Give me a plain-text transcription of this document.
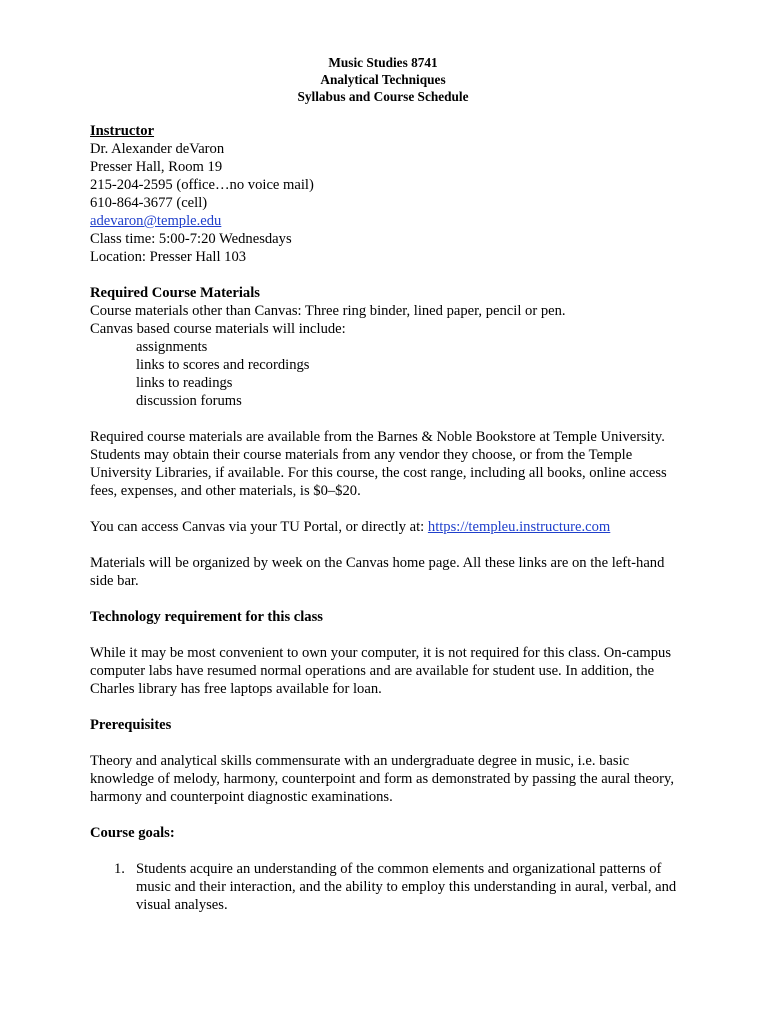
Music Studies 8741
Analytical Techniques
Syllabus and Course Schedule
Instructor
Dr. Alexander deVaron
Presser Hall, Room 19
215-204-2595 (office…no voice mail)
610-864-3677 (cell)
adevaron@temple.edu
Class time: 5:00-7:20 Wednesdays
Location: Presser Hall 103
Required Course Materials
Course materials other than Canvas: Three ring binder, lined paper, pencil or pen.
Canvas based course materials will include:
assignments
links to scores and recordings
links to readings
discussion forums

Required course materials are available from the Barnes & Noble Bookstore at Temple University. Students may obtain their course materials from any vendor they choose, or from the Temple University Libraries, if available. For this course, the cost range, including all books, online access fees, expenses, and other materials, is $0–$20.

You can access Canvas via your TU Portal, or directly at: https://templeu.instructure.com

Materials will be organized by week on the Canvas home page. All these links are on the left-hand side bar.

Technology requirement for this class

While it may be most convenient to own your computer, it is not required for this class. On-campus computer labs have resumed normal operations and are available for student use. In addition, the Charles library has free laptops available for loan.

Prerequisites

Theory and analytical skills commensurate with an undergraduate degree in music, i.e. basic knowledge of melody, harmony, counterpoint and form as demonstrated by passing the aural theory, harmony and counterpoint diagnostic examinations.

Course goals:
1. Students acquire an understanding of the common elements and organizational patterns of music and their interaction, and the ability to employ this understanding in aural, verbal, and visual analyses.
